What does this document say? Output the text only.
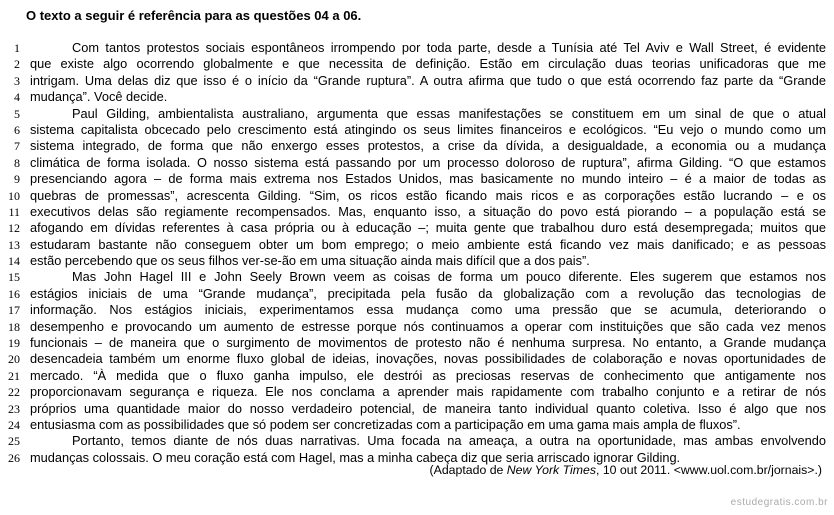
O texto a seguir é referência para as questões 04 a 06.
1	Com tantos protestos sociais espontâneos irrompendo por toda parte, desde a Tunísia até Tel Aviv e Wall Street, é evidente
2 que existe algo ocorrendo globalmente e que necessita de definição. Estão em circulação duas teorias unificadoras que me
3 intrigam. Uma delas diz que isso é o início da “Grande ruptura”. A outra afirma que tudo o que está ocorrendo faz parte da “Grande
4 mudança”. Você decide.
5	Paul Gilding, ambientalista australiano, argumenta que essas manifestações se constituem em um sinal de que o atual
6 sistema capitalista obcecado pelo crescimento está atingindo os seus limites financeiros e ecológicos. “Eu vejo o mundo como um
7 sistema integrado, de forma que não enxergo esses protestos, a crise da dívida, a desigualdade, a economia ou a mudança
8 climática de forma isolada. O nosso sistema está passando por um processo doloroso de ruptura”, afirma Gilding. “O que estamos
9 presenciando agora – de forma mais extrema nos Estados Unidos, mas basicamente no mundo inteiro – é a maior de todas as
10 quebras de promessas”, acrescenta Gilding. “Sim, os ricos estão ficando mais ricos e as corporações estão lucrando – e os
11 executivos delas são regiamente recompensados. Mas, enquanto isso, a situação do povo está piorando – a população está se
12 afogando em dívidas referentes à casa própria ou à educação –; muita gente que trabalhou duro está desempregada; muitos que
13 estudaram bastante não conseguem obter um bom emprego; o meio ambiente está ficando vez mais danificado; e as pessoas
14 estão percebendo que os seus filhos ver-se-ão em uma situação ainda mais difícil que a dos pais”.
15	Mas John Hagel III e John Seely Brown veem as coisas de forma um pouco diferente. Eles sugerem que estamos nos
16 estágios iniciais de uma “Grande mudança”, precipitada pela fusão da globalização com a revolução das tecnologias de
17 informação. Nos estágios iniciais, experimentamos essa mudança como uma pressão que se acumula, deteriorando o
18 desempenho e provocando um aumento de estresse porque nós continuamos a operar com instituições que são cada vez menos
19 funcionais – de maneira que o surgimento de movimentos de protesto não é nenhuma surpresa. No entanto, a Grande mudança
20 desencadeia também um enorme fluxo global de ideias, inovações, novas possibilidades de colaboração e novas oportunidades de
21 mercado. “À medida que o fluxo ganha impulso, ele destrói as preciosas reservas de conhecimento que antigamente nos
22 proporcionavam segurança e riqueza. Ele nos conclama a aprender mais rapidamente com trabalho conjunto e a retirar de nós
23 próprios uma quantidade maior do nosso verdadeiro potencial, de maneira tanto individual quanto coletiva. Isso é algo que nos
24 entusiasma com as possibilidades que só podem ser concretizadas com a participação em uma gama mais ampla de fluxos”.
25	Portanto, temos diante de nós duas narrativas. Uma focada na ameaça, a outra na oportunidade, mas ambas envolvendo
26 mudanças colossais. O meu coração está com Hagel, mas a minha cabeça diz que seria arriscado ignorar Gilding.
(Adaptado de New York Times, 10 out 2011. <www.uol.com.br/jornais>.)
estudegratis.com.br
